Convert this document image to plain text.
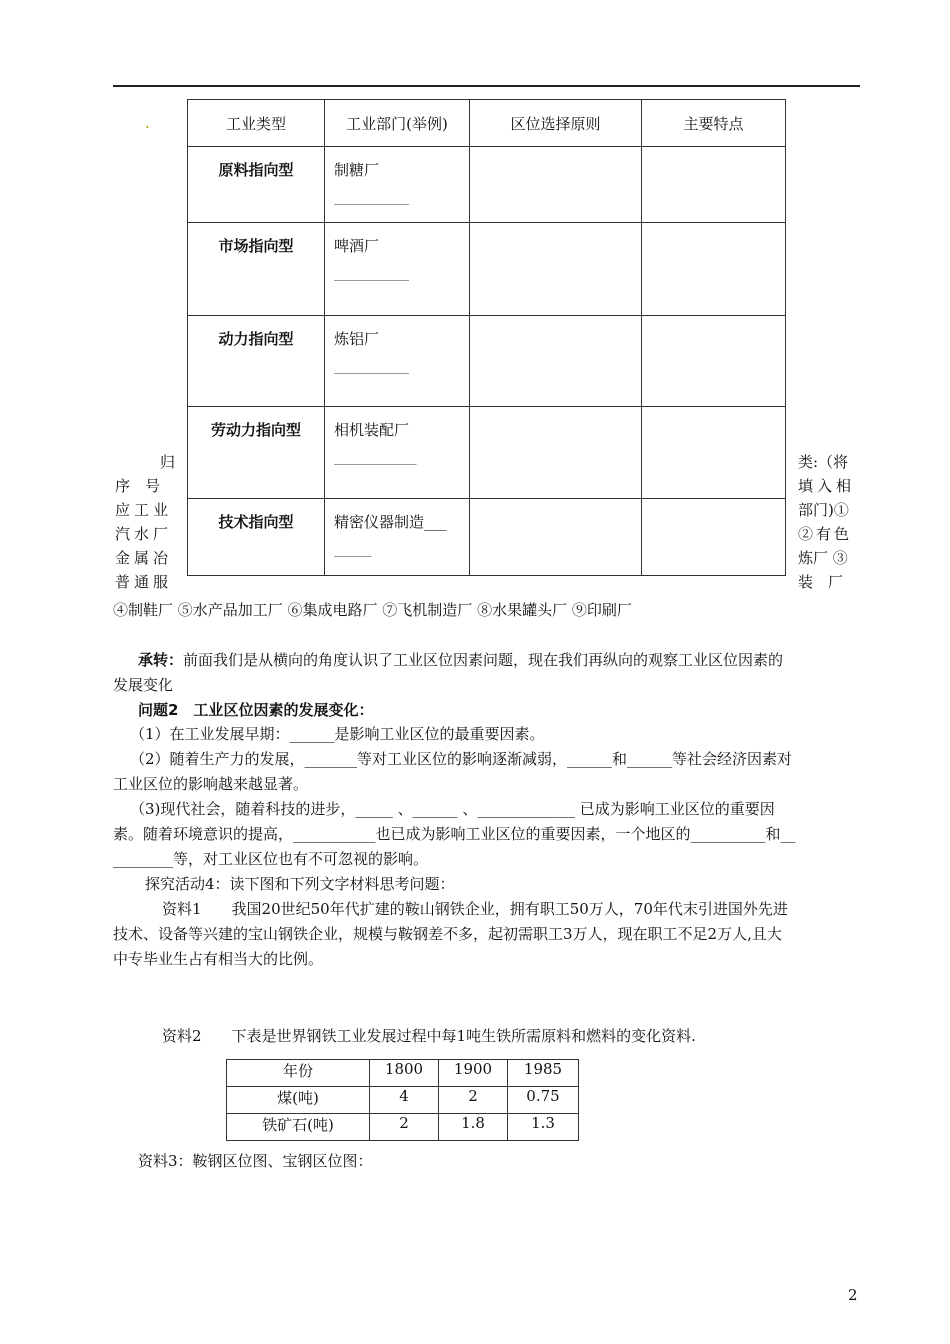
.	工业类型	工业部门(举例)	区位选择原则	主要特点
原料指向型	制糖厂
__________		

市场指向型	啤酒厂
__________		

动力指向型	炼铝厂
__________		

劳动力指向型	相机装配厂
___________		

技术指向型	精密仪器制造___
_____		

归
序　号
应工业
汽水厂
金属冶
普通服
类:（将
填入相
部门)①
②有色
炼厂 ③
装　厂
④制鞋厂 ⑤水产品加工厂 ⑥集成电路厂 ⑦飞机制造厂 ⑧水果罐头厂 ⑨印刷厂
承转：前面我们是从横向的角度认识了工业区位因素问题，现在我们再纵向的观察工业区位因素的
发展变化
问题2　工业区位因素的发展变化：
（1）在工业发展早期：______是影响工业区位的最重要因素。
（2）随着生产力的发展，_______等对工业区位的影响逐渐减弱，______和______等社会经济因素对
工业区位的影响越来越显著。
（3)现代社会，随着科技的进步，_____ 、______ 、_____________ 已成为影响工业区位的重要因
素。随着环境意识的提高，___________也已成为影响工业区位的重要因素，一个地区的__________和__
________等，对工业区位也有不可忽视的影响。
探究活动4：读下图和下列文字材料思考问题：
资料1　　我国20世纪50年代扩建的鞍山钢铁企业，拥有职工50万人，70年代末引进国外先进
技术、设备等兴建的宝山钢铁企业，规模与鞍钢差不多，起初需职工3万人，现在职工不足2万人,且大
中专毕业生占有相当大的比例。
资料2　　下表是世界钢铁工业发展过程中每1吨生铁所需原料和燃料的变化资料.
年份	1800	1900	1985
煤(吨)	4	2	0.75
铁矿石(吨)	2	1.8	1.3
资料3：鞍钢区位图、宝钢区位图：
2
